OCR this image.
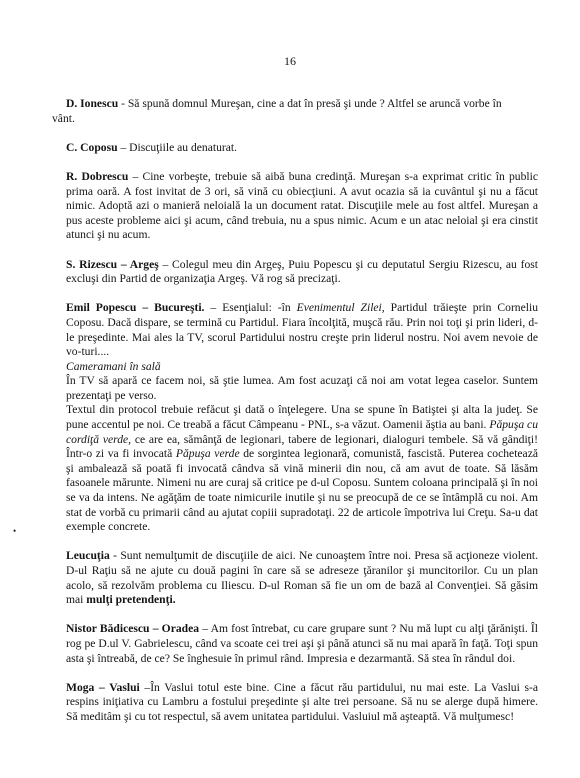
16

D. Ionescu - Să spună domnul Mureşan, cine a dat în presă şi unde ? Altfel se aruncă vorbe în
vânt.

C. Coposu – Discuţiile au denaturat.

R. Dobrescu – Cine vorbeşte, trebuie să aibă buna credinţă. Mureşan s-a exprimat critic în public prima oară. A fost invitat de 3 ori, să vină cu obiecţiuni. A avut ocazia să ia cuvântul şi nu a făcut nimic. Adoptă azi o manieră neloială la un document ratat. Discuţiile mele au fost altfel. Mureşan a pus aceste probleme aici şi acum, când trebuia, nu a spus nimic. Acum e un atac neloial şi era cinstit atunci şi nu acum.

S. Rizescu – Argeş – Colegul meu din Argeş, Puiu Popescu şi cu deputatul Sergiu Rizescu, au fost excluşi din Partid de organizaţia Argeş. Vă rog să precizaţi.

Emil Popescu – Bucureşti. – Esenţialul: -în Evenimentul Zilei, Partidul trăieşte prin Corneliu Coposu. Dacă dispare, se termină cu Partidul. Fiara încolţită, muşcă rău. Prin noi toţi şi prin lideri, d-le preşedinte. Mai ales la TV, scorul Partidului nostru creşte prin liderul nostru. Noi avem nevoie de vo-turi....

Cameramani în sală

În TV să apară ce facem noi, să ştie lumea. Am fost acuzaţi că noi am votat legea caselor. Suntem prezentaţi pe verso.

Textul din protocol trebuie refăcut şi dată o înţelegere. Una se spune în Batiştei şi alta la judeţ. Se pune accentul pe noi. Ce treabă a făcut Câmpeanu - PNL, s-a văzut. Oamenii ăştia au bani. Păpuşa cu cordiţă verde, ce are ea, sămânţă de legionari, tabere de legionari, dialoguri tembele. Să vă gândiţi! Într-o zi va fi invocată Păpuşa verde de sorgintea legionară, comunistă, fascistă. Puterea cochetează şi ambalează să poată fi invocată cândva să vină minerii din nou, că am avut de toate. Să lăsăm fasoanele mărunte. Nimeni nu are curaj să critice pe d-ul Coposu. Suntem coloana principală şi în noi se va da intens. Ne agăţăm de toate nimicurile inutile şi nu se preocupă de ce se întâmplă cu noi. Am stat de vorbă cu primarii când au ajutat copiii supradotaţi. 22 de articole împotriva lui Creţu. Sa-u dat exemple concrete.

Leucuţia - Sunt nemulţumit de discuţiile de aici. Ne cunoaştem între noi. Presa să acţioneze violent. D-ul Raţiu să ne ajute cu două pagini în care să se adreseze ţăranilor şi muncitorilor. Cu un plan acolo, să rezolvăm problema cu Iliescu. D-ul Roman să fie un om de bază al Convenţiei. Să găsim mai mulţi pretendenţi.

Nistor Bădicescu – Oradea – Am fost întrebat, cu care grupare sunt ? Nu mă lupt cu alţi ţărănişti. Îl rog pe D.ul V. Gabrielescu, când va scoate cei trei aşi şi până atunci să nu mai apară în faţă. Toţi spun asta şi întreabă, de ce? Se înghesuie în primul rând. Impresia e dezarmantă. Să stea în rândul doi.

Moga – Vaslui –În Vaslui totul este bine. Cine a făcut rău partidului, nu mai este. La Vaslui s-a respins iniţiativa cu Lambru a fostului preşedinte şi alte trei persoane. Să nu se alerge după himere. Să meditâm şi cu tot respectul, să avem unitatea partidului. Vasluiul mă aşteaptă. Vă mulţumesc!

•
